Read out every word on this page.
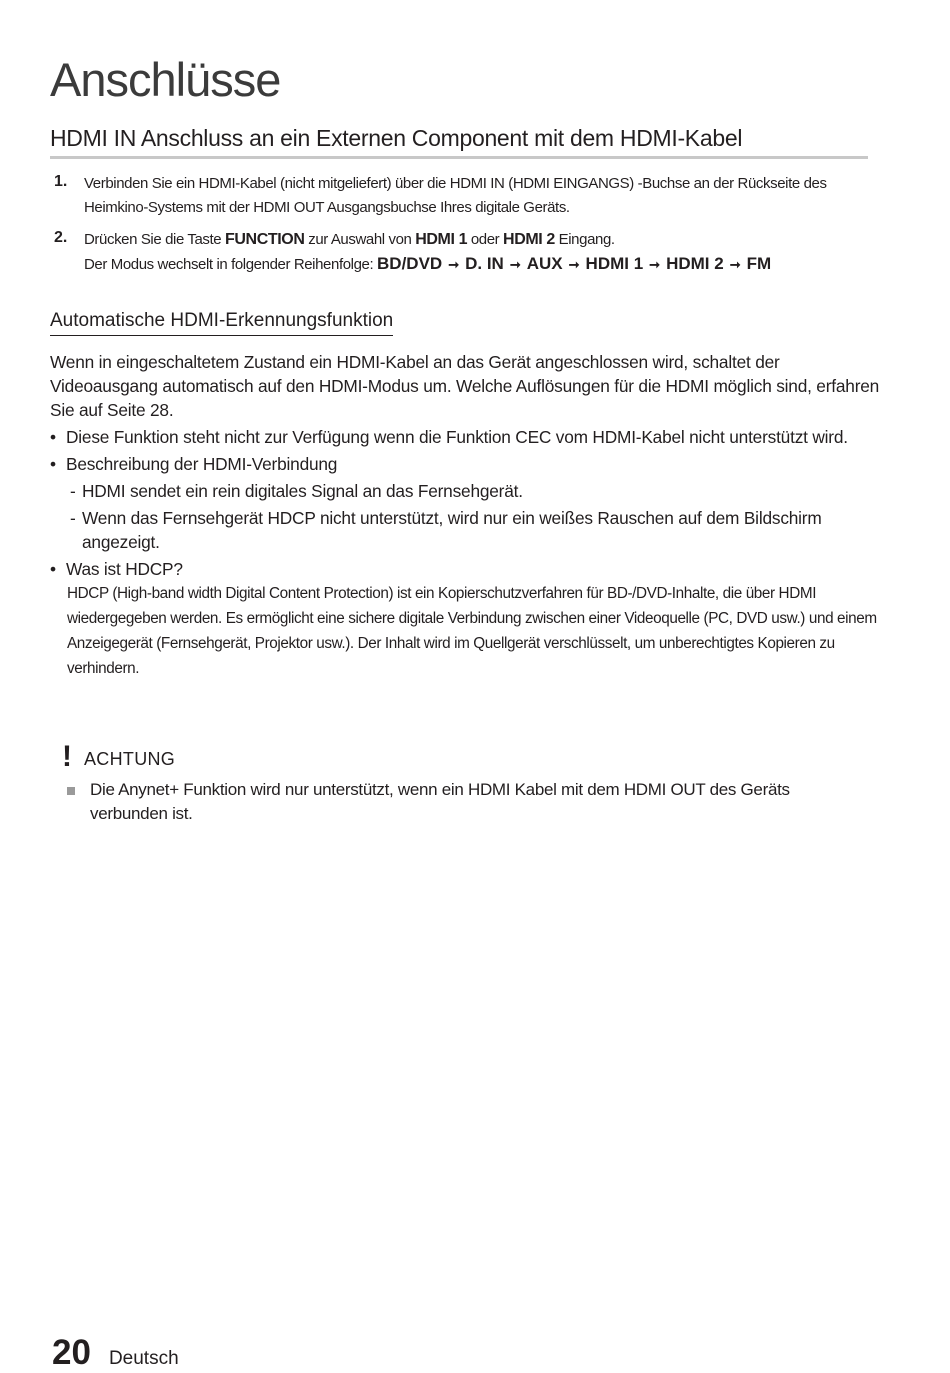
Anschlüsse
HDMI IN Anschluss an ein Externen Component mit dem HDMI-Kabel
1.	Verbinden Sie ein HDMI-Kabel (nicht mitgeliefert) über die HDMI IN (HDMI EINGANGS) -Buchse an der Rückseite des Heimkino-Systems mit der HDMI OUT Ausgangsbuchse Ihres digitale Geräts.
2.	Drücken Sie die Taste FUNCTION zur Auswahl von HDMI 1 oder HDMI 2 Eingang.
Der Modus wechselt in folgender Reihenfolge: BD/DVD ➞ D. IN ➞ AUX ➞ HDMI 1 ➞ HDMI 2 ➞ FM
Automatische HDMI-Erkennungsfunktion
Wenn in eingeschaltetem Zustand ein HDMI-Kabel an das Gerät angeschlossen wird, schaltet der Videoausgang automatisch auf den HDMI-Modus um. Welche Auflösungen für die HDMI möglich sind, erfahren Sie auf Seite 28.
• Diese Funktion steht nicht zur Verfügung wenn die Funktion CEC vom HDMI-Kabel nicht unterstützt wird.
• Beschreibung der HDMI-Verbindung
- HDMI sendet ein rein digitales Signal an das Fernsehgerät.
- Wenn das Fernsehgerät HDCP nicht unterstützt, wird nur ein weißes Rauschen auf dem Bildschirm angezeigt.
• Was ist HDCP?
HDCP (High-band width Digital Content Protection) ist ein Kopierschutzverfahren für BD-/DVD-Inhalte, die über HDMI wiedergegeben werden. Es ermöglicht eine sichere digitale Verbindung zwischen einer Videoquelle (PC, DVD usw.) und einem Anzeigegerät (Fernsehgerät, Projektor usw.). Der Inhalt wird im Quellgerät verschlüsselt, um unberechtigtes Kopieren zu verhindern.
! ACHTUNG
Die Anynet+ Funktion wird nur unterstützt, wenn ein HDMI Kabel mit dem HDMI OUT des Geräts verbunden ist.
20 Deutsch
